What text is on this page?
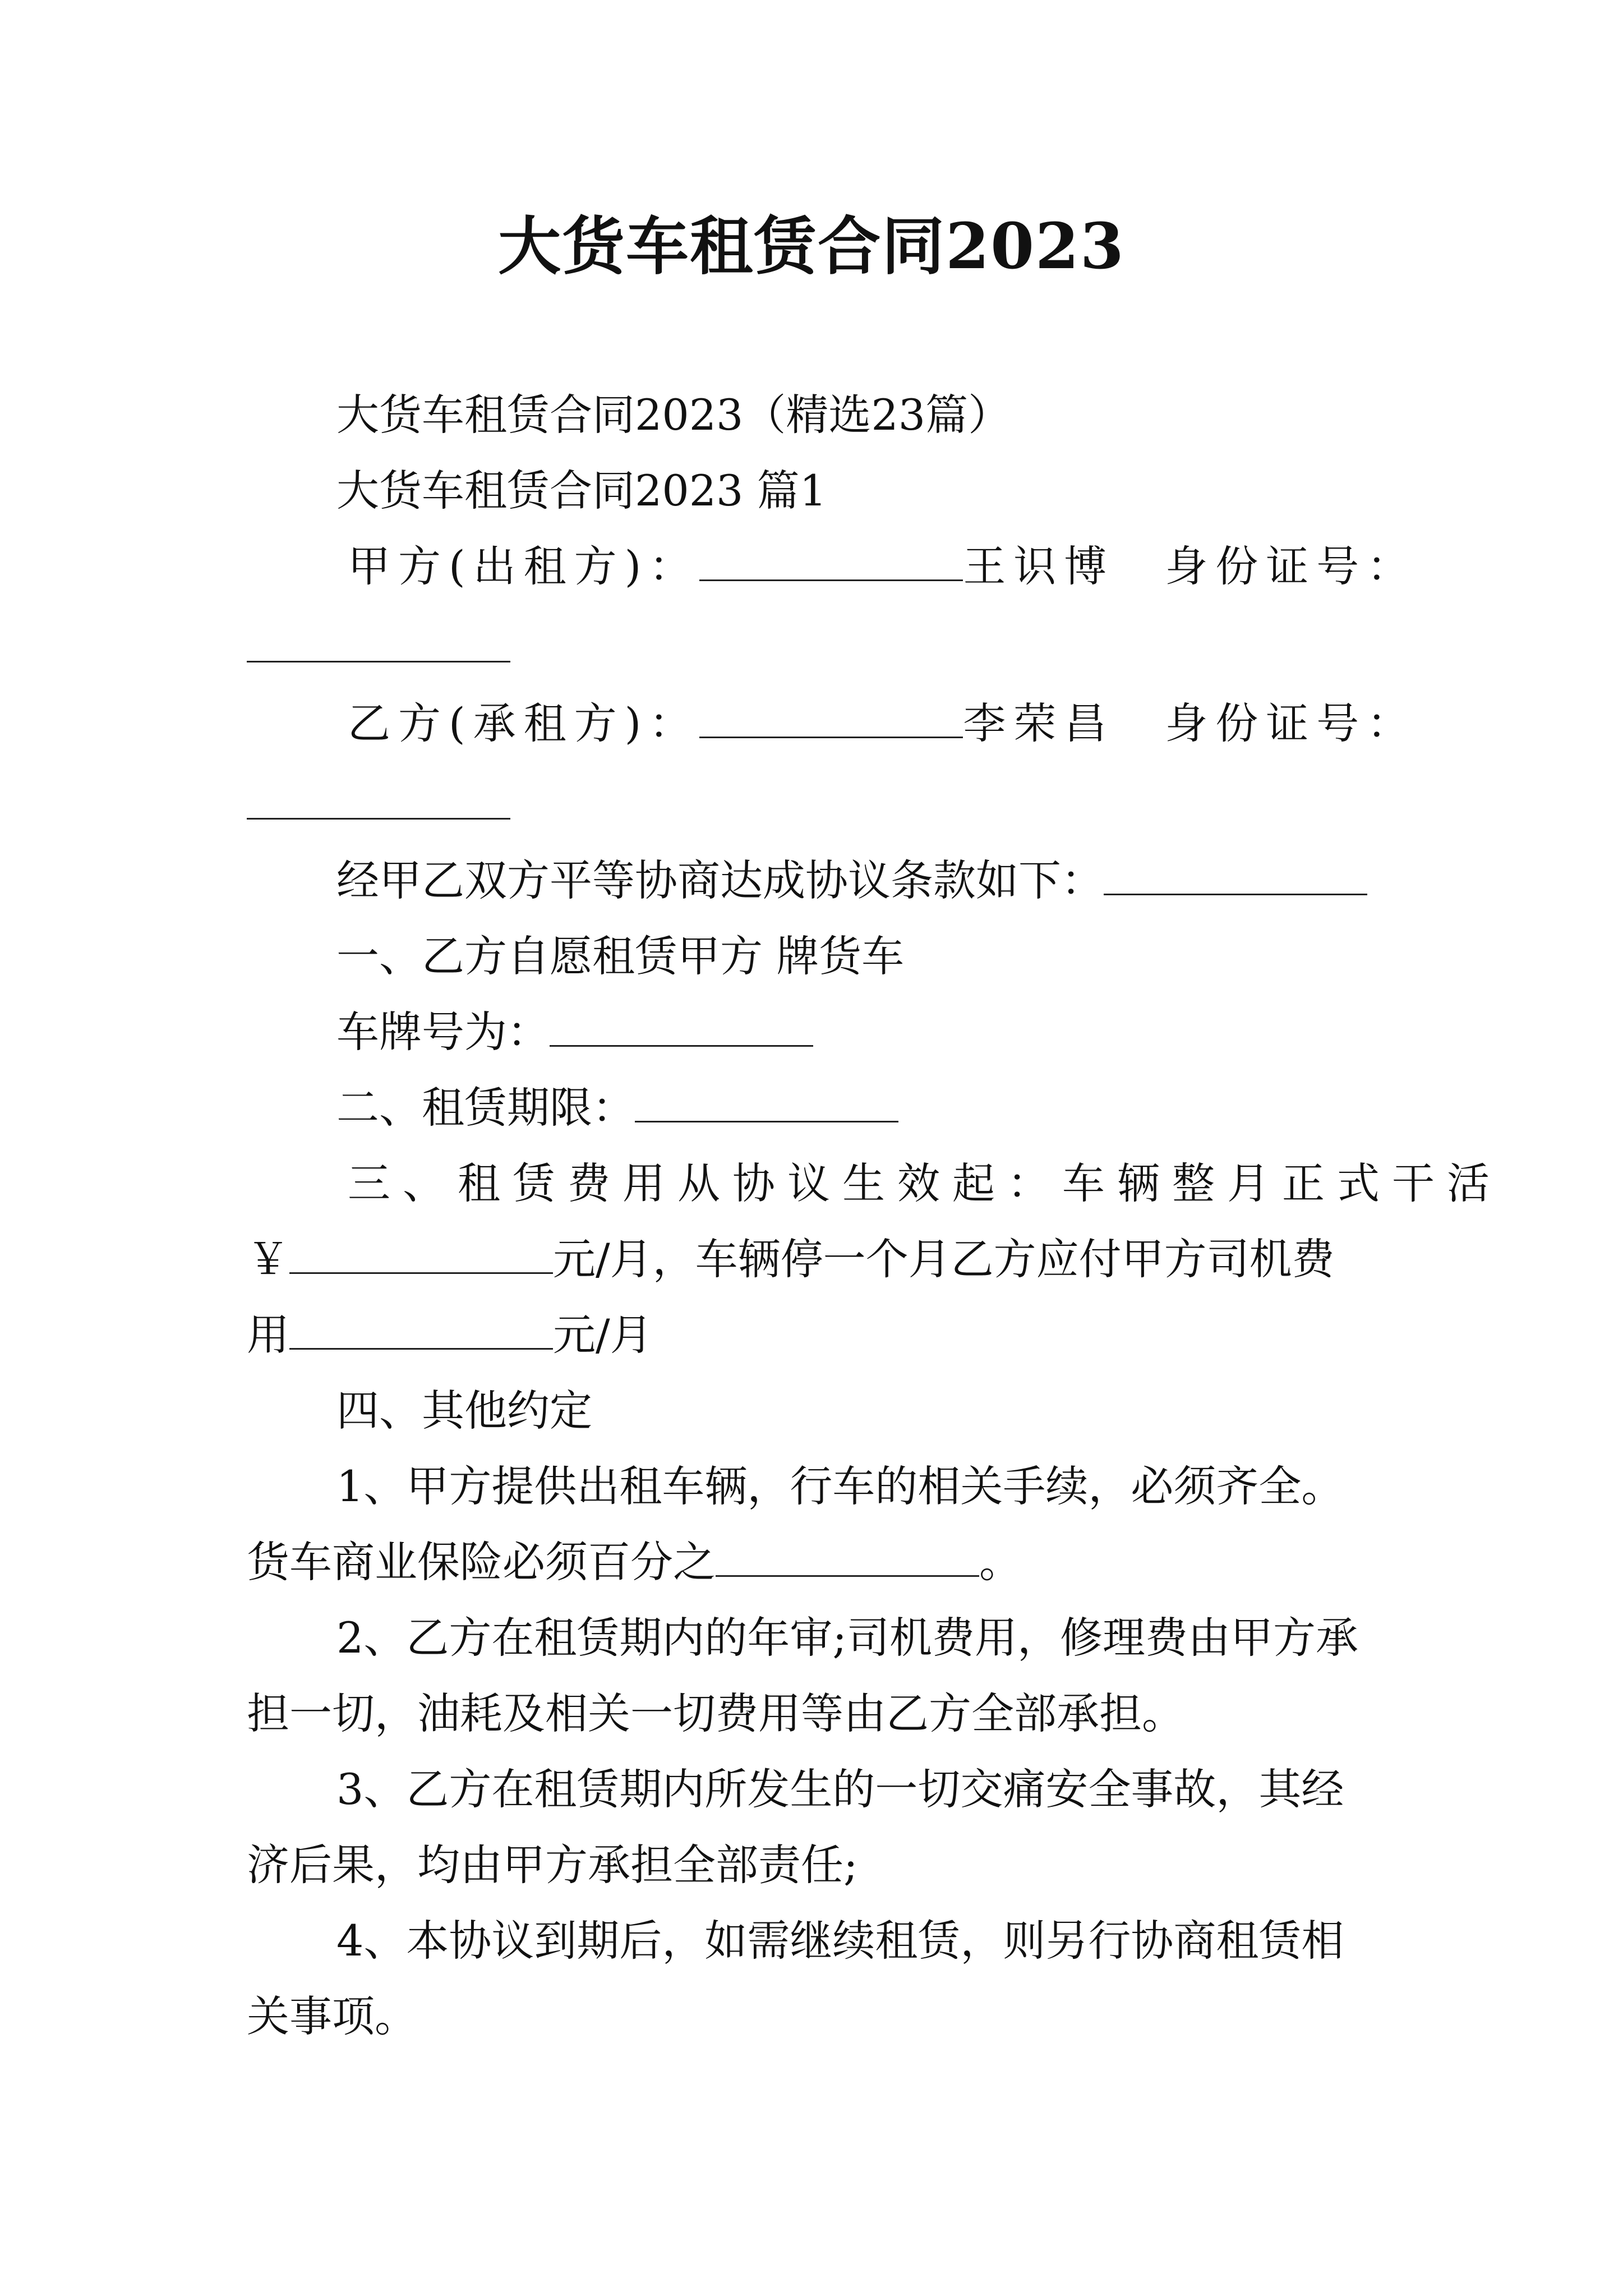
大货车租赁合同2023
大货车租赁合同2023（精选23篇）
大货车租赁合同2023 篇1
甲方(出租方)：	王识博  身份证号：
乙方(承租方)：	李荣昌  身份证号：
经甲乙双方平等协商达成协议条款如下：
一、乙方自愿租赁甲方 牌货车
车牌号为：
二、租赁期限：
三、租赁费用从协议生效起：车辆整月正式干活
￥	元/月，车辆停一个月乙方应付甲方司机费
用	元/月
四、其他约定
1、甲方提供出租车辆，行车的相关手续，必须齐全。
货车商业保险必须百分之	。
2、乙方在租赁期内的年审;司机费用，修理费由甲方承
担一切，油耗及相关一切费用等由乙方全部承担。
3、乙方在租赁期内所发生的一切交痛安全事故，其经
济后果，均由甲方承担全部责任;
4、本协议到期后，如需继续租赁，则另行协商租赁相
关事项。
